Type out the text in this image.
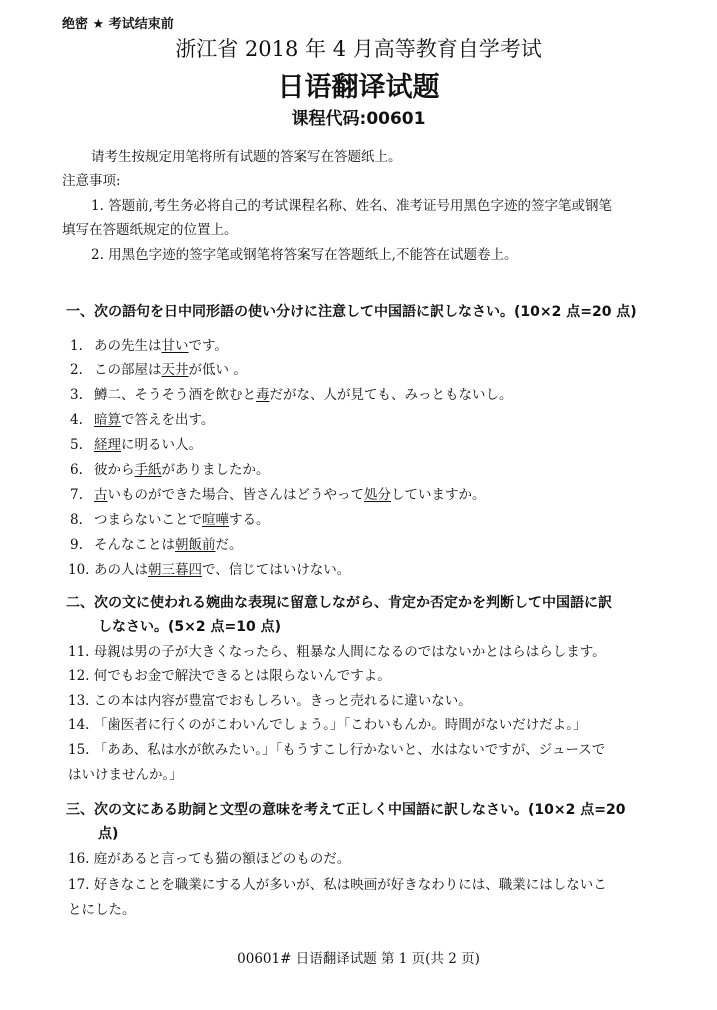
绝密 ★ 考试结束前
浙江省 2018 年 4 月高等教育自学考试
日语翻译试题
课程代码:00601
请考生按规定用笔将所有试题的答案写在答题纸上。
注意事项:
1. 答题前,考生务必将自己的考试课程名称、姓名、准考证号用黑色字迹的签字笔或钢笔
填写在答题纸规定的位置上。
2. 用黑色字迹的签字笔或钢笔将答案写在答题纸上,不能答在试题卷上。
一、次の語句を日中同形語の使い分けに注意して中国語に訳しなさい。(10×2 点=20 点)
1. あの先生は甘いです。
2. この部屋は天井が低い 。
3. 鱒二、そうそう酒を飲むと毒だがな、人が見ても、みっともないし。
4. 暗算で答えを出す。
5. 経理に明るい人。
6. 彼から手紙がありましたか。
7. 古いものができた場合、皆さんはどうやって処分していますか。
8. つまらないことで喧嘩する。
9. そんなことは朝飯前だ。
10. あの人は朝三暮四で、信じてはいけない。
二、次の文に使われる婉曲な表現に留意しながら、肯定か否定かを判断して中国語に訳
しなさい。(5×2 点=10 点)
11. 母親は男の子が大きくなったら、粗暴な人間になるのではないかとはらはらします。
12. 何でもお金で解決できるとは限らないんですよ。
13. この本は内容が豊富でおもしろい。きっと売れるに違いない。
14. 「歯医者に行くのがこわいんでしょう。」「こわいもんか。時間がないだけだよ。」
15. 「ああ、私は水が飲みたい。」「もうすこし行かないと、水はないですが、ジュースで
はいけませんか。」
三、次の文にある助詞と文型の意味を考えて正しく中国語に訳しなさい。(10×2 点=20
点)
16. 庭があると言っても猫の額ほどのものだ。
17. 好きなことを職業にする人が多いが、私は映画が好きなわりには、職業にはしないこ
とにした。
00601# 日语翻译试题 第 1 页(共 2 页)
